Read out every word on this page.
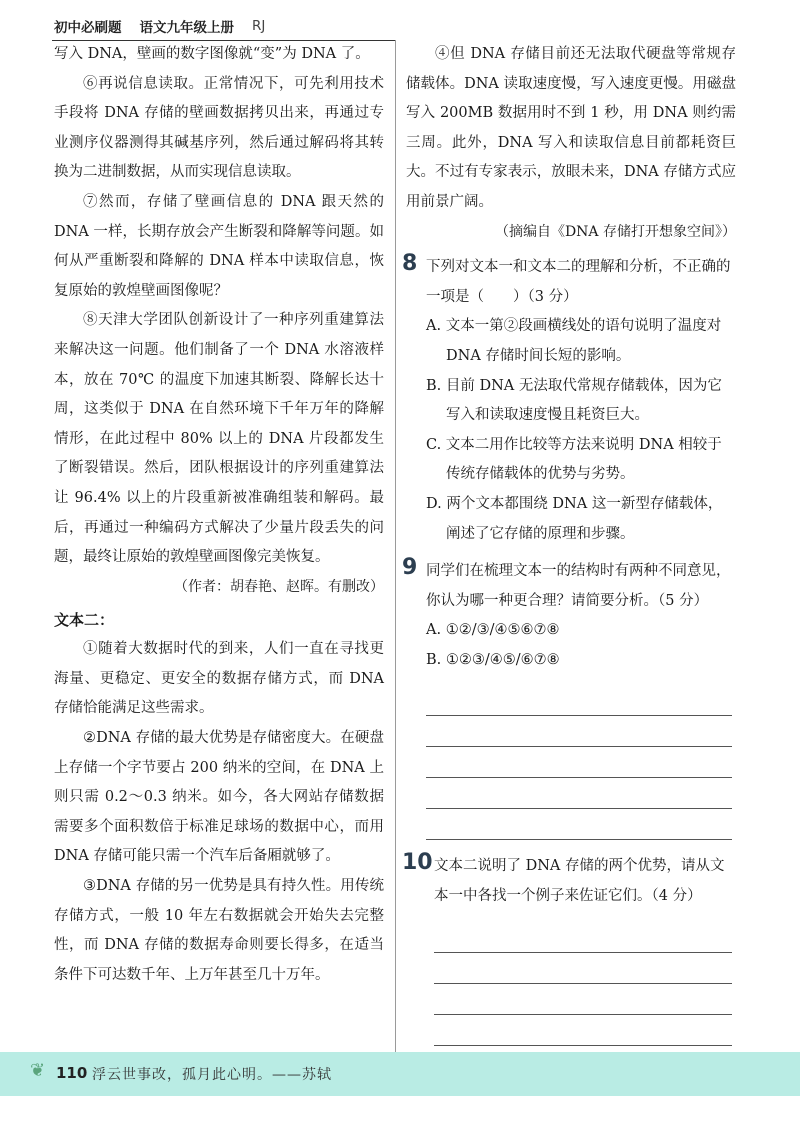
初中必刷题 语文九年级上册 RJ

写入 DNA，壁画的数字图像就“变”为 DNA 了。

⑥再说信息读取。正常情况下，可先利用技术手段将 DNA 存储的壁画数据拷贝出来，再通过专业测序仪器测得其碱基序列，然后通过解码将其转换为二进制数据，从而实现信息读取。

⑦然而，存储了壁画信息的 DNA 跟天然的 DNA 一样，长期存放会产生断裂和降解等问题。如何从严重断裂和降解的 DNA 样本中读取信息，恢复原始的敦煌壁画图像呢？

⑧天津大学团队创新设计了一种序列重建算法来解决这一问题。他们制备了一个 DNA 水溶液样本，放在 70℃ 的温度下加速其断裂、降解长达十周，这类似于 DNA 在自然环境下千年万年的降解情形，在此过程中 80% 以上的 DNA 片段都发生了断裂错误。然后，团队根据设计的序列重建算法让 96.4% 以上的片段重新被准确组装和解码。最后，再通过一种编码方式解决了少量片段丢失的问题，最终让原始的敦煌壁画图像完美恢复。

（作者：胡春艳、赵晖。有删改）

文本二：

①随着大数据时代的到来，人们一直在寻找更海量、更稳定、更安全的数据存储方式，而 DNA 存储恰能满足这些需求。

②DNA 存储的最大优势是存储密度大。在硬盘上存储一个字节要占 200 纳米的空间，在 DNA 上则只需 0.2～0.3 纳米。如今，各大网站存储数据需要多个面积数倍于标准足球场的数据中心，而用 DNA 存储可能只需一个汽车后备厢就够了。

③DNA 存储的另一优势是具有持久性。用传统存储方式，一般 10 年左右数据就会开始失去完整性，而 DNA 存储的数据寿命则要长得多，在适当条件下可达数千年、上万年甚至几十万年。

④但 DNA 存储目前还无法取代硬盘等常规存储载体。DNA 读取速度慢，写入速度更慢。用磁盘写入 200MB 数据用时不到 1 秒，用 DNA 则约需三周。此外，DNA 写入和读取信息目前都耗资巨大。不过有专家表示，放眼未来，DNA 存储方式应用前景广阔。

（摘编自《DNA 存储打开想象空间》）

8 下列对文本一和文本二的理解和分析，不正确的一项是（　　）（3 分）

A. 文本一第②段画横线处的语句说明了温度对 DNA 存储时间长短的影响。

B. 目前 DNA 无法取代常规存储载体，因为它写入和读取速度慢且耗资巨大。

C. 文本二用作比较等方法来说明 DNA 相较于传统存储载体的优势与劣势。

D. 两个文本都围绕 DNA 这一新型存储载体，阐述了它存储的原理和步骤。

9 同学们在梳理文本一的结构时有两种不同意见，你认为哪一种更合理？请简要分析。（5 分）

A. ①②/③/④⑤⑥⑦⑧

B. ①②③/④⑤/⑥⑦⑧

10 文本二说明了 DNA 存储的两个优势，请从文本一中各找一个例子来佐证它们。（4 分）

❦ 110 浮云世事改，孤月此心明。——苏轼
